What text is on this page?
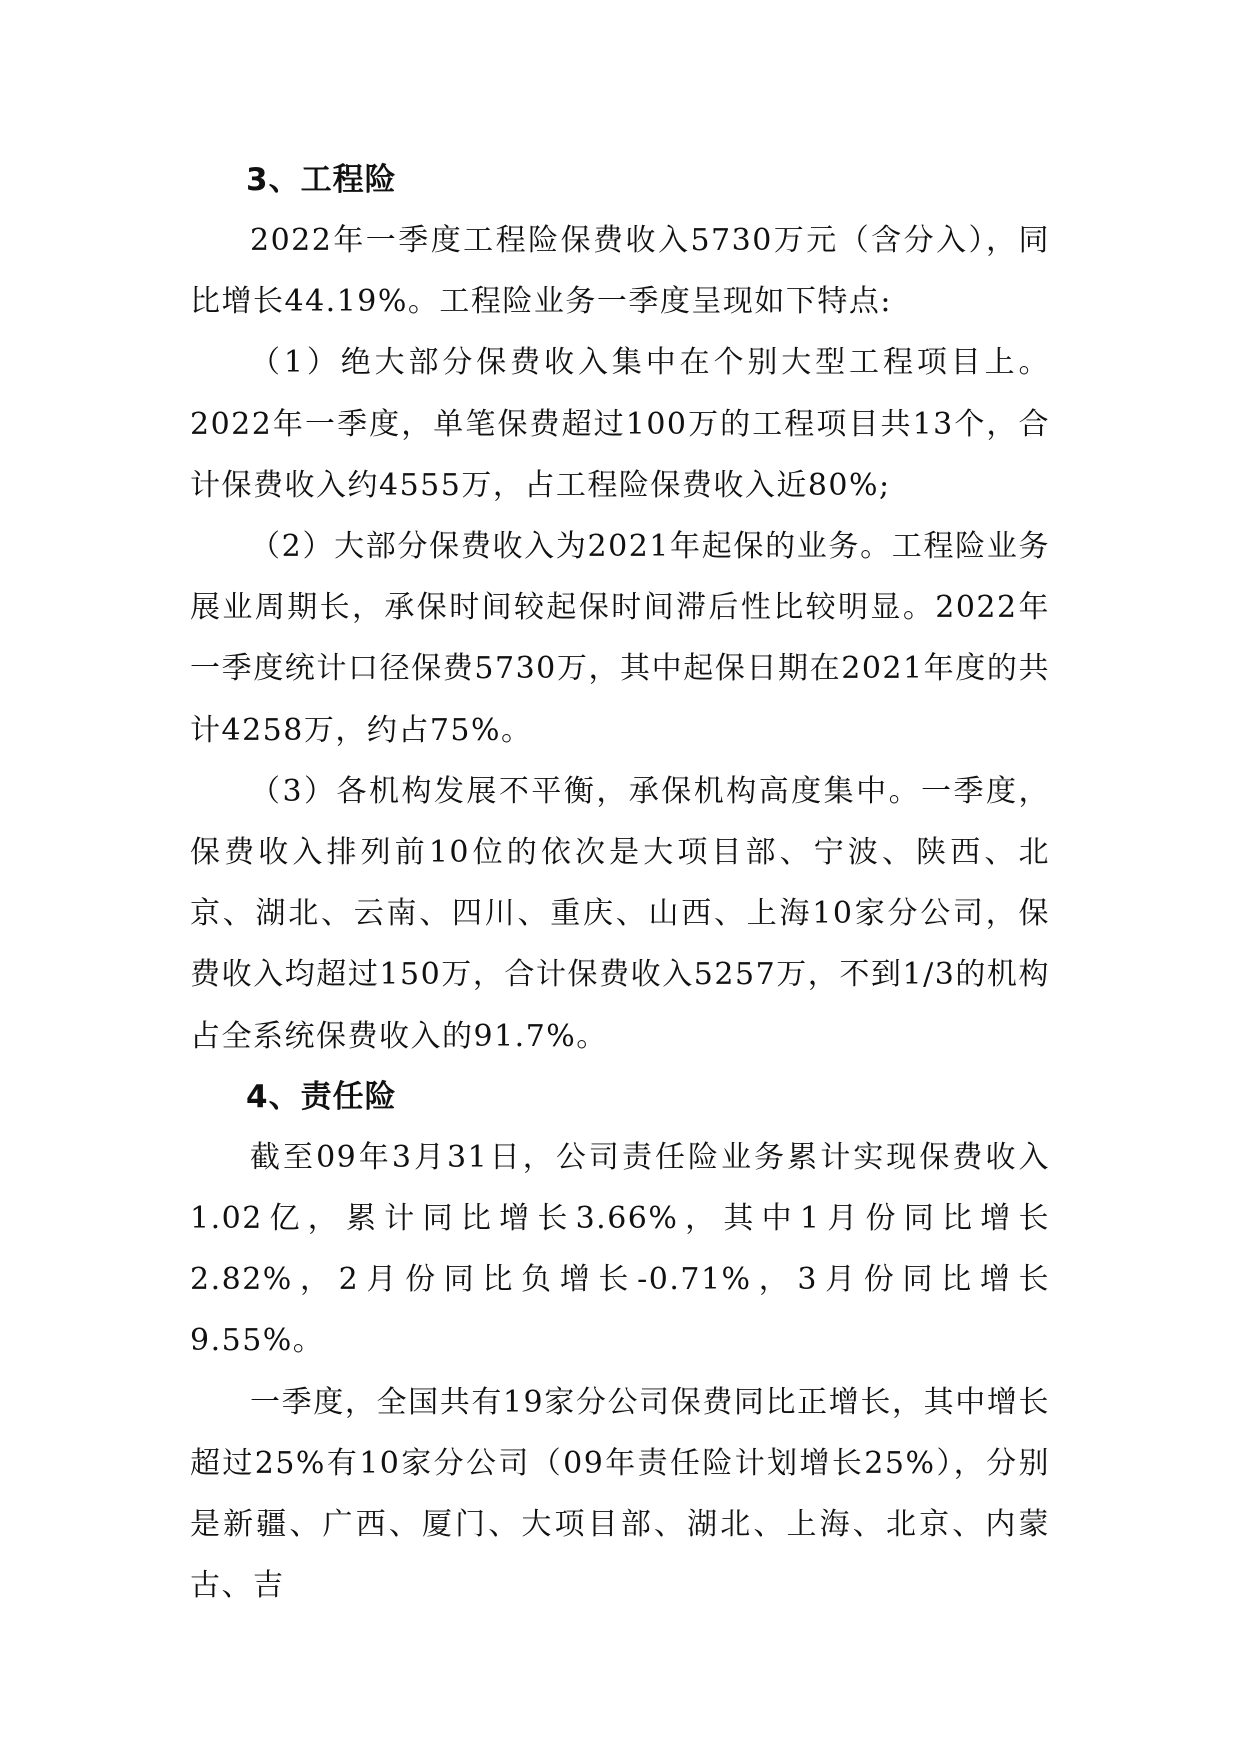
3、工程险

2022年一季度工程险保费收入5730万元（含分入），同比增长44.19%。工程险业务一季度呈现如下特点:

（1）绝大部分保费收入集中在个别大型工程项目上。2022年一季度，单笔保费超过100万的工程项目共13个，合计保费收入约4555万，占工程险保费收入近80%;

（2）大部分保费收入为2021年起保的业务。工程险业务展业周期长，承保时间较起保时间滞后性比较明显。2022年一季度统计口径保费5730万，其中起保日期在2021年度的共计4258万，约占75%。

（3）各机构发展不平衡，承保机构高度集中。一季度，保费收入排列前10位的依次是大项目部、宁波、陕西、北京、湖北、云南、四川、重庆、山西、上海10家分公司，保费收入均超过150万，合计保费收入5257万，不到1/3的机构占全系统保费收入的91.7%。

4、责任险

截至09年3月31日，公司责任险业务累计实现保费收入1.02亿，累计同比增长3.66%，其中1月份同比增长2.82%，2月份同比负增长-0.71%，3月份同比增长9.55%。

一季度，全国共有19家分公司保费同比正增长，其中增长超过25%有10家分公司（09年责任险计划增长25%），分别是新疆、广西、厦门、大项目部、湖北、上海、北京、内蒙古、吉
